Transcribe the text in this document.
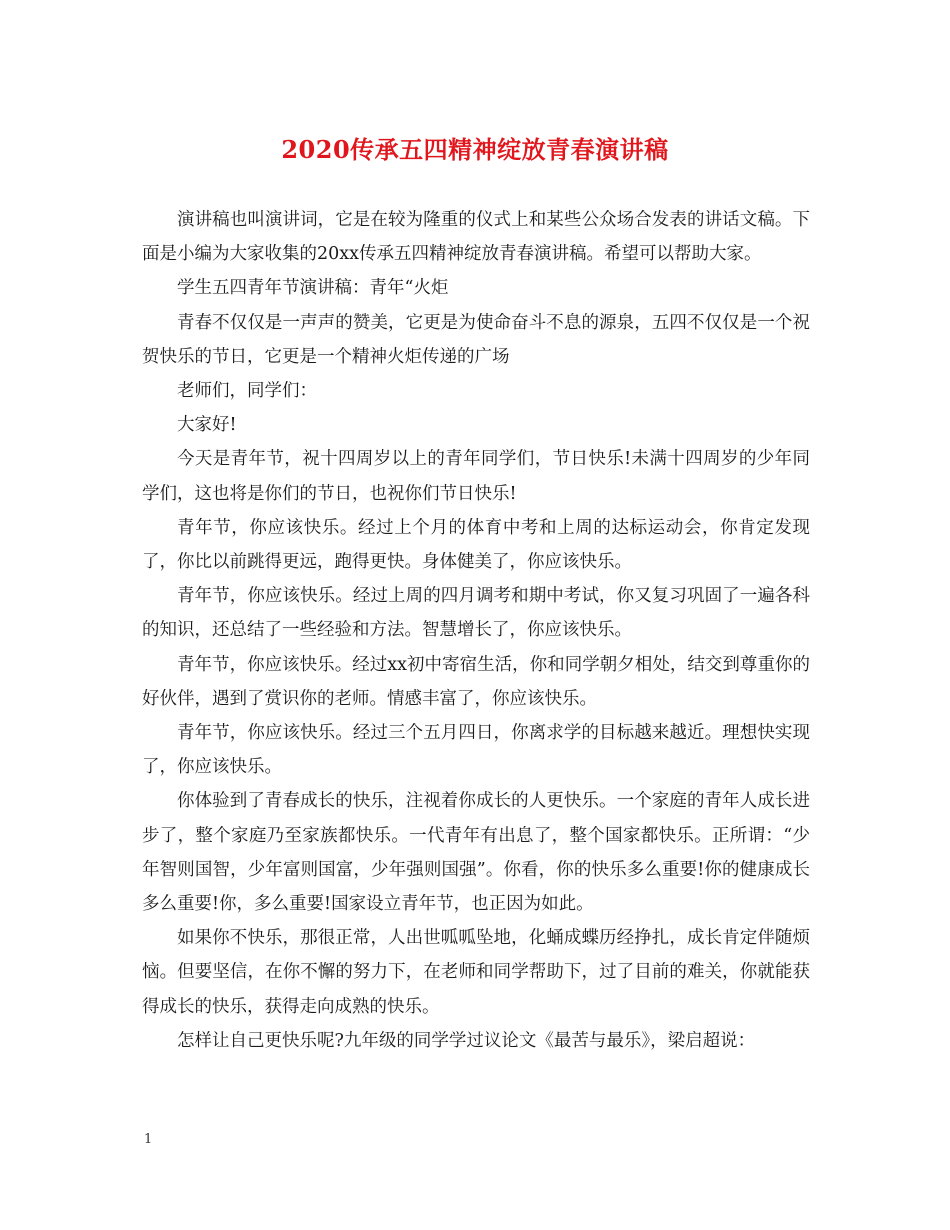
2020传承五四精神绽放青春演讲稿

演讲稿也叫演讲词，它是在较为隆重的仪式上和某些公众场合发表的讲话文稿。下面是小编为大家收集的20xx传承五四精神绽放青春演讲稿。希望可以帮助大家。

学生五四青年节演讲稿：青年“火炬

青春不仅仅是一声声的赞美，它更是为使命奋斗不息的源泉，五四不仅仅是一个祝贺快乐的节日，它更是一个精神火炬传递的广场

老师们，同学们：

大家好!

今天是青年节，祝十四周岁以上的青年同学们，节日快乐!未满十四周岁的少年同学们，这也将是你们的节日，也祝你们节日快乐!

青年节，你应该快乐。经过上个月的体育中考和上周的达标运动会，你肯定发现了，你比以前跳得更远，跑得更快。身体健美了，你应该快乐。

青年节，你应该快乐。经过上周的四月调考和期中考试，你又复习巩固了一遍各科的知识，还总结了一些经验和方法。智慧增长了，你应该快乐。

青年节，你应该快乐。经过xx初中寄宿生活，你和同学朝夕相处，结交到尊重你的好伙伴，遇到了赏识你的老师。情感丰富了，你应该快乐。

青年节，你应该快乐。经过三个五月四日，你离求学的目标越来越近。理想快实现了，你应该快乐。

你体验到了青春成长的快乐，注视着你成长的人更快乐。一个家庭的青年人成长进步了，整个家庭乃至家族都快乐。一代青年有出息了，整个国家都快乐。正所谓：“少年智则国智，少年富则国富，少年强则国强”。你看，你的快乐多么重要!你的健康成长多么重要!你，多么重要!国家设立青年节，也正因为如此。

如果你不快乐，那很正常，人出世呱呱坠地，化蛹成蝶历经挣扎，成长肯定伴随烦恼。但要坚信，在你不懈的努力下，在老师和同学帮助下，过了目前的难关，你就能获得成长的快乐，获得走向成熟的快乐。

怎样让自己更快乐呢?九年级的同学学过议论文《最苦与最乐》，梁启超说：

1
